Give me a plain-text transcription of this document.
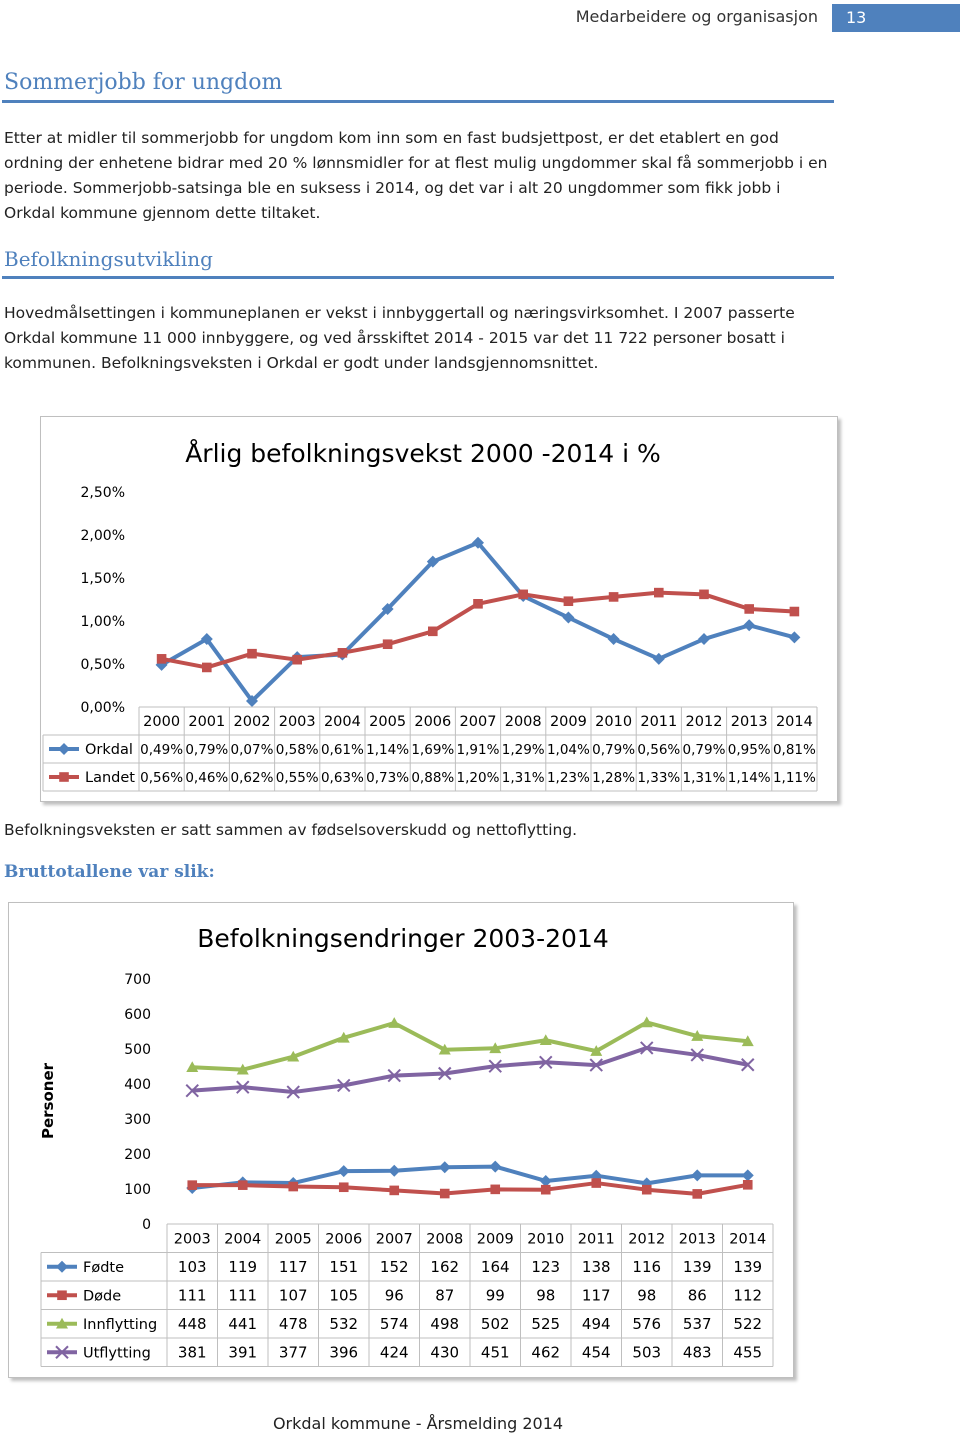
Medarbeidere og organisasjon	13
Sommerjobb for ungdom
Etter at midler til sommerjobb for ungdom kom inn som en fast budsjettpost, er det etablert en god ordning der enhetene bidrar med 20 % lønnsmidler for at flest mulig ungdommer skal få sommerjobb i en periode. Sommerjobb-satsinga ble en suksess i 2014, og det var i alt 20 ungdommer som fikk jobb i Orkdal kommune gjennom dette tiltaket.
Befolkningsutvikling
Hovedmålsettingen i kommuneplanen er vekst i innbyggertall og næringsvirksomhet. I 2007 passerte Orkdal kommune 11 000 innbyggere, og ved årsskiftet 2014 - 2015 var det 11 722 personer bosatt i kommunen. Befolkningsveksten i Orkdal er godt under landsgjennomsnittet.
Årlig befolkningsvekst 2000 -2014 i %
0,00%
0,50%
1,00%
1,50%
2,00%
2,50%
2000 2001 2002 2003 2004 2005 2006 2007 2008 2009 2010 2011 2012 2013 2014
Orkdal 0,49% 0,79% 0,07% 0,58% 0,61% 1,14% 1,69% 1,91% 1,29% 1,04% 0,79% 0,56% 0,79% 0,95% 0,81%
Landet 0,56% 0,46% 0,62% 0,55% 0,63% 0,73% 0,88% 1,20% 1,31% 1,23% 1,28% 1,33% 1,31% 1,14% 1,11%
Befolkningsveksten er satt sammen av fødselsoverskudd og nettoflytting.
Bruttotallene var slik:
Befolkningsendringer 2003-2014
Personer
0
100
200
300
400
500
600
700
2003 2004 2005 2006 2007 2008 2009 2010 2011 2012 2013 2014
Fødte	103 119 117 151 152 162 164 123 138 116 139 139
Døde	111 111 107 105 96 87 99 98 117 98 86 112
Innflytting 448 441 478 532 574 498 502 525 494 576 537 522
Utflytting 381 391 377 396 424 430 451 462 454 503 483 455
Orkdal kommune - Årsmelding 2014
